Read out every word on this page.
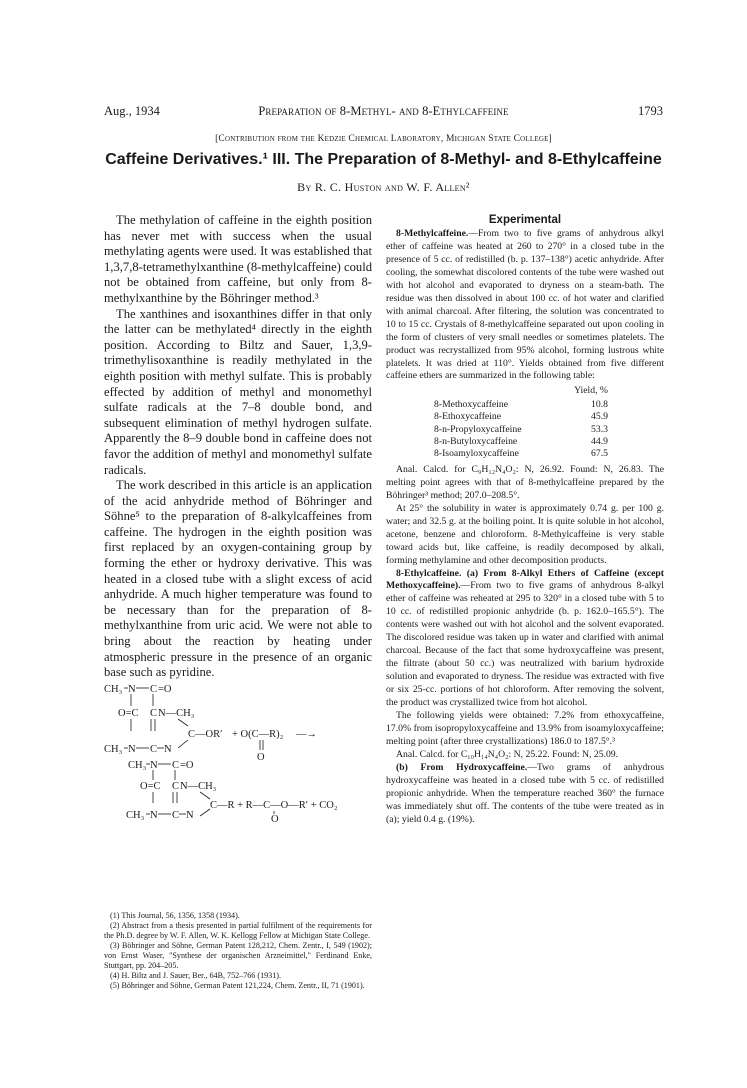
Aug., 1934	Preparation of 8-Methyl- and 8-Ethylcaffeine	1793
[Contribution from the Kedzie Chemical Laboratory, Michigan State College]
Caffeine Derivatives.¹ III. The Preparation of 8-Methyl- and 8-Ethylcaffeine
By R. C. Huston and W. F. Allen²

The methylation of caffeine in the eighth position has never met with success when the usual methylating agents were used. It was established that 1,3,7,8-tetramethylxanthine (8-methylcaffeine) could not be obtained from caffeine, but only from 8-methylxanthine by the Böhringer method.³

The xanthines and isoxanthines differ in that only the latter can be methylated⁴ directly in the eighth position. According to Biltz and Sauer, 1,3,9-trimethylisoxanthine is readily methylated in the eighth position with methyl sulfate. This is probably effected by addition of methyl and monomethyl sulfate radicals at the 7–8 double bond, and subsequent elimination of methyl hydrogen sulfate. Apparently the 8–9 double bond in caffeine does not favor the addition of methyl and monomethyl sulfate radicals.

The work described in this article is an application of the acid anhydride method of Böhringer and Söhne⁵ to the preparation of 8-alkylcaffeines from caffeine. The hydrogen in the eighth position was first replaced by an oxygen-containing group by forming the ether or hydroxy derivative. This was heated in a closed tube with a slight excess of acid anhydride. A much higher temperature was found to be necessary than for the preparation of 8-methylxanthine from uric acid. We were not able to bring about the reaction by heating under atmospheric pressure in the presence of an organic base such as pyridine.

CH₃ N C =O
O=C C N—CH₃
C—OR′ + O(C—R)₂ —→
O
CH₃ N C N
CH₃ N C =O
O=C C N—CH₃
C—R + R—C—O—R′ + CO₂
CH₃ N C N	O

(1) This Journal, 56, 1356, 1358 (1934).

(2) Abstract from a thesis presented in partial fulfilment of the requirements for the Ph.D. degree by W. F. Allen, W. K. Kellogg Fellow at Michigan State College.

(3) Böhringer and Söhne, German Patent 128,212, Chem. Zentr., I, 549 (1902); von Ernst Waser, "Synthese der organischen Arzneimittel," Ferdinand Enke, Stuttgart, pp. 204–205.

(4) H. Biltz and J. Sauer, Ber., 64B, 752–766 (1931).

(5) Böhringer and Söhne, German Patent 121,224, Chem. Zentr., II, 71 (1901).

Experimental

8-Methylcaffeine.—From two to five grams of anhydrous alkyl ether of caffeine was heated at 260 to 270° in a closed tube in the presence of 5 cc. of redistilled (b. p. 137–138°) acetic anhydride. After cooling, the somewhat discolored contents of the tube were washed out with hot alcohol and evaporated to dryness on a steam-bath. The residue was then dissolved in about 100 cc. of hot water and clarified with animal charcoal. After filtering, the solution was concentrated to 10 to 15 cc. Crystals of 8-methylcaffeine separated out upon cooling in the form of clusters of very small needles or sometimes platelets. The product was recrystallized from 95% alcohol, forming lustrous white platelets. It was dried at 110°. Yields obtained from five different caffeine ethers are summarized in the following table:

	Yield, %
8-Methoxycaffeine	10.8
8-Ethoxycaffeine	45.9
8-n-Propyloxycaffeine	53.3
8-n-Butyloxycaffeine	44.9
8-Isoamyloxycaffeine	67.5

Anal. Calcd. for C₉H₁₂N₄O₂: N, 26.92. Found: N, 26.83. The melting point agrees with that of 8-methylcaffeine prepared by the Böhringer³ method; 207.0–208.5°.

At 25° the solubility in water is approximately 0.74 g. per 100 g. water; and 32.5 g. at the boiling point. It is quite soluble in hot alcohol, acetone, benzene and chloroform. 8-Methylcaffeine is very stable toward acids but, like caffeine, is readily decomposed by alkali, forming methylamine and other decomposition products.

8-Ethylcaffeine. (a) From 8-Alkyl Ethers of Caffeine (except Methoxycaffeine).—From two to five grams of anhydrous 8-alkyl ether of caffeine was reheated at 295 to 320° in a closed tube with 5 to 10 cc. of redistilled propionic anhydride (b. p. 162.0–165.5°). The contents were washed out with hot alcohol and the solvent evaporated. The discolored residue was taken up in water and clarified with animal charcoal. Because of the fact that some hydroxycaffeine was present, the filtrate (about 50 cc.) was neutralized with barium hydroxide solution and evaporated to dryness. The residue was extracted with five or six 25-cc. portions of hot chloroform. After removing the solvent, the product was crystallized twice from hot alcohol.

The following yields were obtained: 7.2% from ethoxycaffeine, 17.0% from isopropyloxycaffeine and 13.9% from isoamyloxycaffeine; melting point (after three crystallizations) 186.0 to 187.5°.³

Anal. Calcd. for C₁₀H₁₄N₄O₂: N, 25.22. Found: N, 25.09.

(b) From Hydroxycaffeine.—Two grams of anhydrous hydroxycaffeine was heated in a closed tube with 5 cc. of redistilled propionic anhydride. When the temperature reached 360° the furnace was immediately shut off. The contents of the tube were treated as in (a); yield 0.4 g. (19%).
